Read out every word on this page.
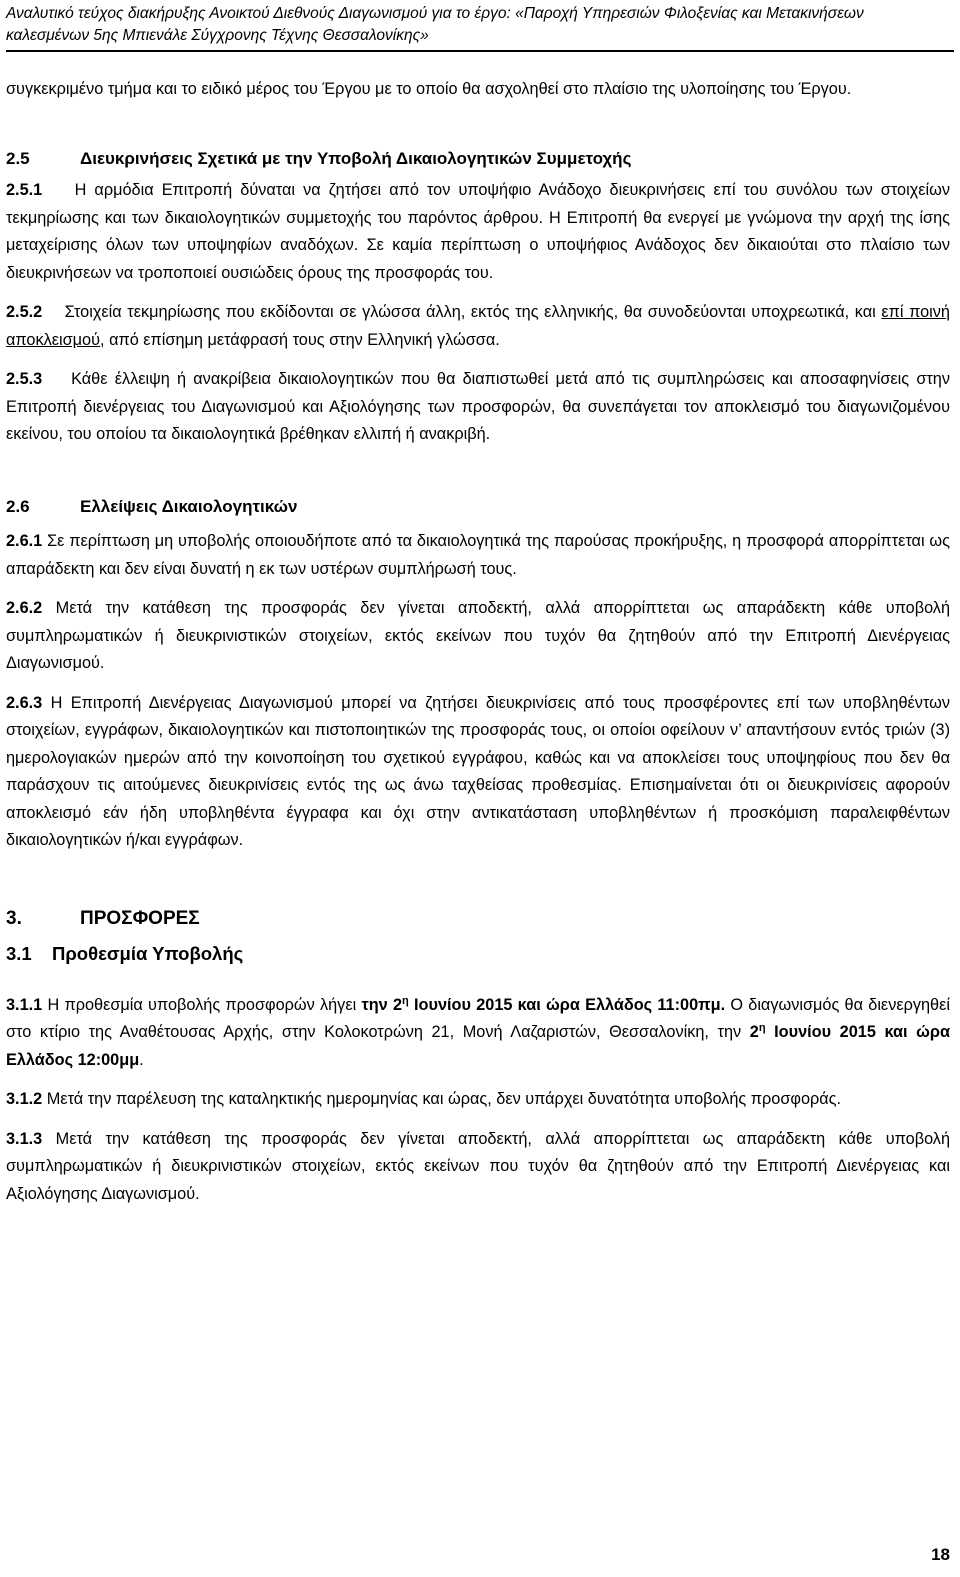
Αναλυτικό τεύχος διακήρυξης Ανοικτού Διεθνούς Διαγωνισμού για το έργο: «Παροχή Υπηρεσιών Φιλοξενίας και Μετακινήσεων
καλεσμένων 5ης Μπιενάλε Σύγχρονης Τέχνης Θεσσαλονίκης»

συγκεκριμένο τμήμα και το ειδικό μέρος του Έργου με το οποίο θα ασχοληθεί στο πλαίσιο της υλοποίησης του Έργου.

2.5	Διευκρινήσεις Σχετικά με την Υποβολή Δικαιολογητικών Συμμετοχής

2.5.1 Η αρμόδια Επιτροπή δύναται να ζητήσει από τον υποψήφιο Ανάδοχο διευκρινήσεις επί του συνόλου των στοιχείων τεκμηρίωσης και των δικαιολογητικών συμμετοχής του παρόντος άρθρου. Η Επιτροπή θα ενεργεί με γνώμονα την αρχή της ίσης μεταχείρισης όλων των υποψηφίων αναδόχων. Σε καμία περίπτωση ο υποψήφιος Ανάδοχος δεν δικαιούται στο πλαίσιο των διευκρινήσεων να τροποποιεί ουσιώδεις όρους της προσφοράς του.

2.5.2 Στοιχεία τεκμηρίωσης που εκδίδονται σε γλώσσα άλλη, εκτός της ελληνικής, θα συνοδεύονται υποχρεωτικά, και επί ποινή αποκλεισμού, από επίσημη μετάφρασή τους στην Ελληνική γλώσσα.

2.5.3 Κάθε έλλειψη ή ανακρίβεια δικαιολογητικών που θα διαπιστωθεί μετά από τις συμπληρώσεις και αποσαφηνίσεις στην Επιτροπή διενέργειας του Διαγωνισμού και Αξιολόγησης των προσφορών, θα συνεπάγεται τον αποκλεισμό του διαγωνιζομένου εκείνου, του οποίου τα δικαιολογητικά βρέθηκαν ελλιπή ή ανακριβή.

2.6	Ελλείψεις Δικαιολογητικών

2.6.1 Σε περίπτωση μη υποβολής οποιουδήποτε από τα δικαιολογητικά της παρούσας προκήρυξης, η προσφορά απορρίπτεται ως απαράδεκτη και δεν είναι δυνατή η εκ των υστέρων συμπλήρωσή τους.

2.6.2 Μετά την κατάθεση της προσφοράς δεν γίνεται αποδεκτή, αλλά απορρίπτεται ως απαράδεκτη κάθε υποβολή συμπληρωματικών ή διευκρινιστικών στοιχείων, εκτός εκείνων που τυχόν θα ζητηθούν από την Επιτροπή Διενέργειας Διαγωνισμού.

2.6.3 Η Επιτροπή Διενέργειας Διαγωνισμού μπορεί να ζητήσει διευκρινίσεις από τους προσφέροντες επί των υποβληθέντων στοιχείων, εγγράφων, δικαιολογητικών και πιστοποιητικών της προσφοράς τους, οι οποίοι οφείλουν ν’ απαντήσουν εντός τριών (3) ημερολογιακών ημερών από την κοινοποίηση του σχετικού εγγράφου, καθώς και να αποκλείσει τους υποψηφίους που δεν θα παράσχουν τις αιτούμενες διευκρινίσεις εντός της ως άνω ταχθείσας προθεσμίας. Επισημαίνεται ότι οι διευκρινίσεις αφορούν αποκλεισμό εάν ήδη υποβληθέντα έγγραφα και όχι στην αντικατάσταση υποβληθέντων ή προσκόμιση παραλειφθέντων δικαιολογητικών ή/και εγγράφων.

3.	ΠΡΟΣΦΟΡΕΣ

3.1 Προθεσμία Υποβολής

3.1.1 Η προθεσμία υποβολής προσφορών λήγει την $2^\eta$ Ιουνίου 2015 και ώρα Ελλάδος 11:00πμ. Ο διαγωνισμός θα διενεργηθεί στο κτίριο της Αναθέτουσας Αρχής, στην Κολοκοτρώνη 21, Μονή Λαζαριστών, Θεσσαλονίκη, την $2^\eta$ Ιουνίου 2015 και ώρα Ελλάδος 12:00μμ.

3.1.2 Μετά την παρέλευση της καταληκτικής ημερομηνίας και ώρας, δεν υπάρχει δυνατότητα υποβολής προσφοράς.

3.1.3 Μετά την κατάθεση της προσφοράς δεν γίνεται αποδεκτή, αλλά απορρίπτεται ως απαράδεκτη κάθε υποβολή συμπληρωματικών ή διευκρινιστικών στοιχείων, εκτός εκείνων που τυχόν θα ζητηθούν από την Επιτροπή Διενέργειας και Αξιολόγησης Διαγωνισμού.

18
